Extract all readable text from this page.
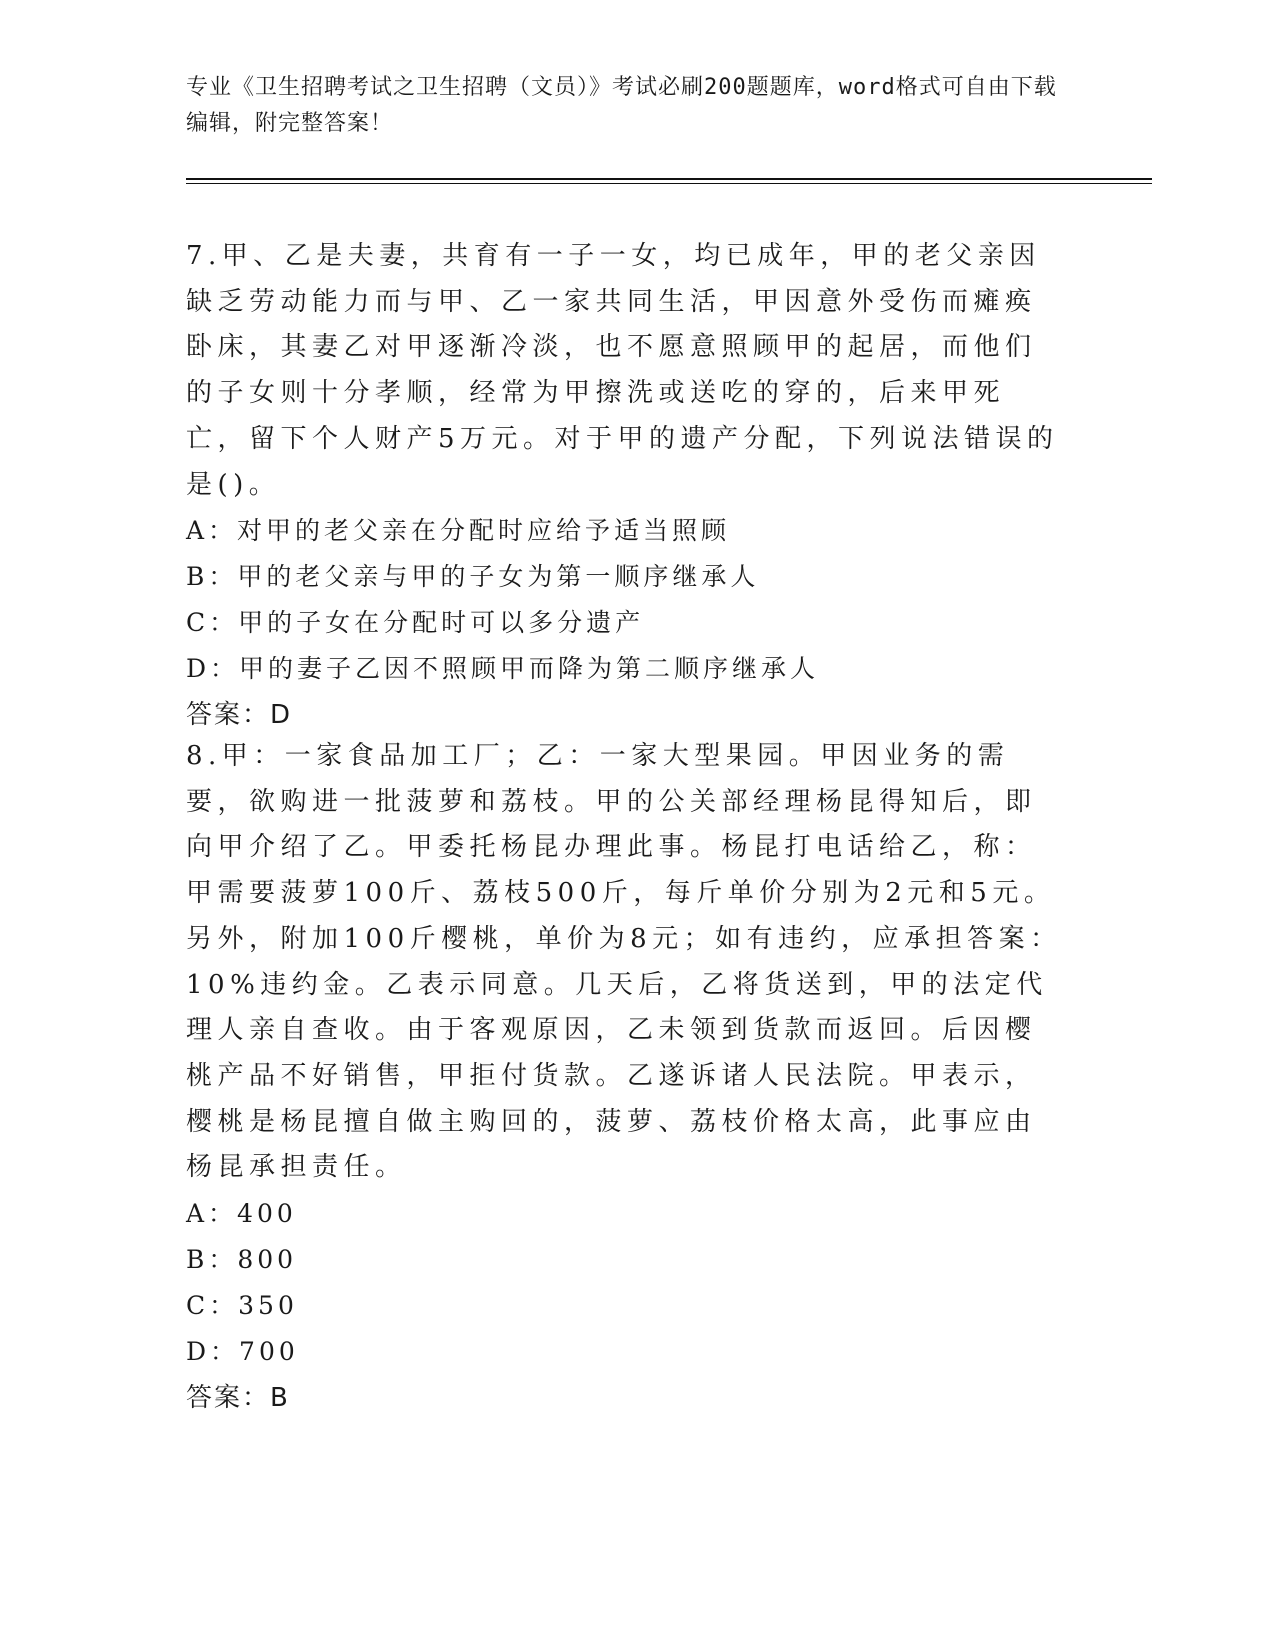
专业《卫生招聘考试之卫生招聘（文员）》考试必刷200题题库，word格式可自由下载编辑，附完整答案！
7.甲、乙是夫妻，共育有一子一女，均已成年，甲的老父亲因缺乏劳动能力而与甲、乙一家共同生活，甲因意外受伤而瘫痪卧床，其妻乙对甲逐渐冷淡，也不愿意照顾甲的起居，而他们的子女则十分孝顺，经常为甲擦洗或送吃的穿的，后来甲死亡，留下个人财产5万元。对于甲的遗产分配，下列说法错误的是()。
A：对甲的老父亲在分配时应给予适当照顾
B：甲的老父亲与甲的子女为第一顺序继承人
C：甲的子女在分配时可以多分遗产
D：甲的妻子乙因不照顾甲而降为第二顺序继承人
答案：D
8.甲：一家食品加工厂；乙：一家大型果园。甲因业务的需要，欲购进一批菠萝和荔枝。甲的公关部经理杨昆得知后，即向甲介绍了乙。甲委托杨昆办理此事。杨昆打电话给乙，称：甲需要菠萝100斤、荔枝500斤，每斤单价分别为2元和5元。另外，附加100斤樱桃，单价为8元；如有违约，应承担答案：10%违约金。乙表示同意。几天后，乙将货送到，甲的法定代理人亲自查收。由于客观原因，乙未领到货款而返回。后因樱桃产品不好销售，甲拒付货款。乙遂诉诸人民法院。甲表示，樱桃是杨昆擅自做主购回的，菠萝、荔枝价格太高，此事应由杨昆承担责任。
A：400
B：800
C：350
D：700
答案：B
